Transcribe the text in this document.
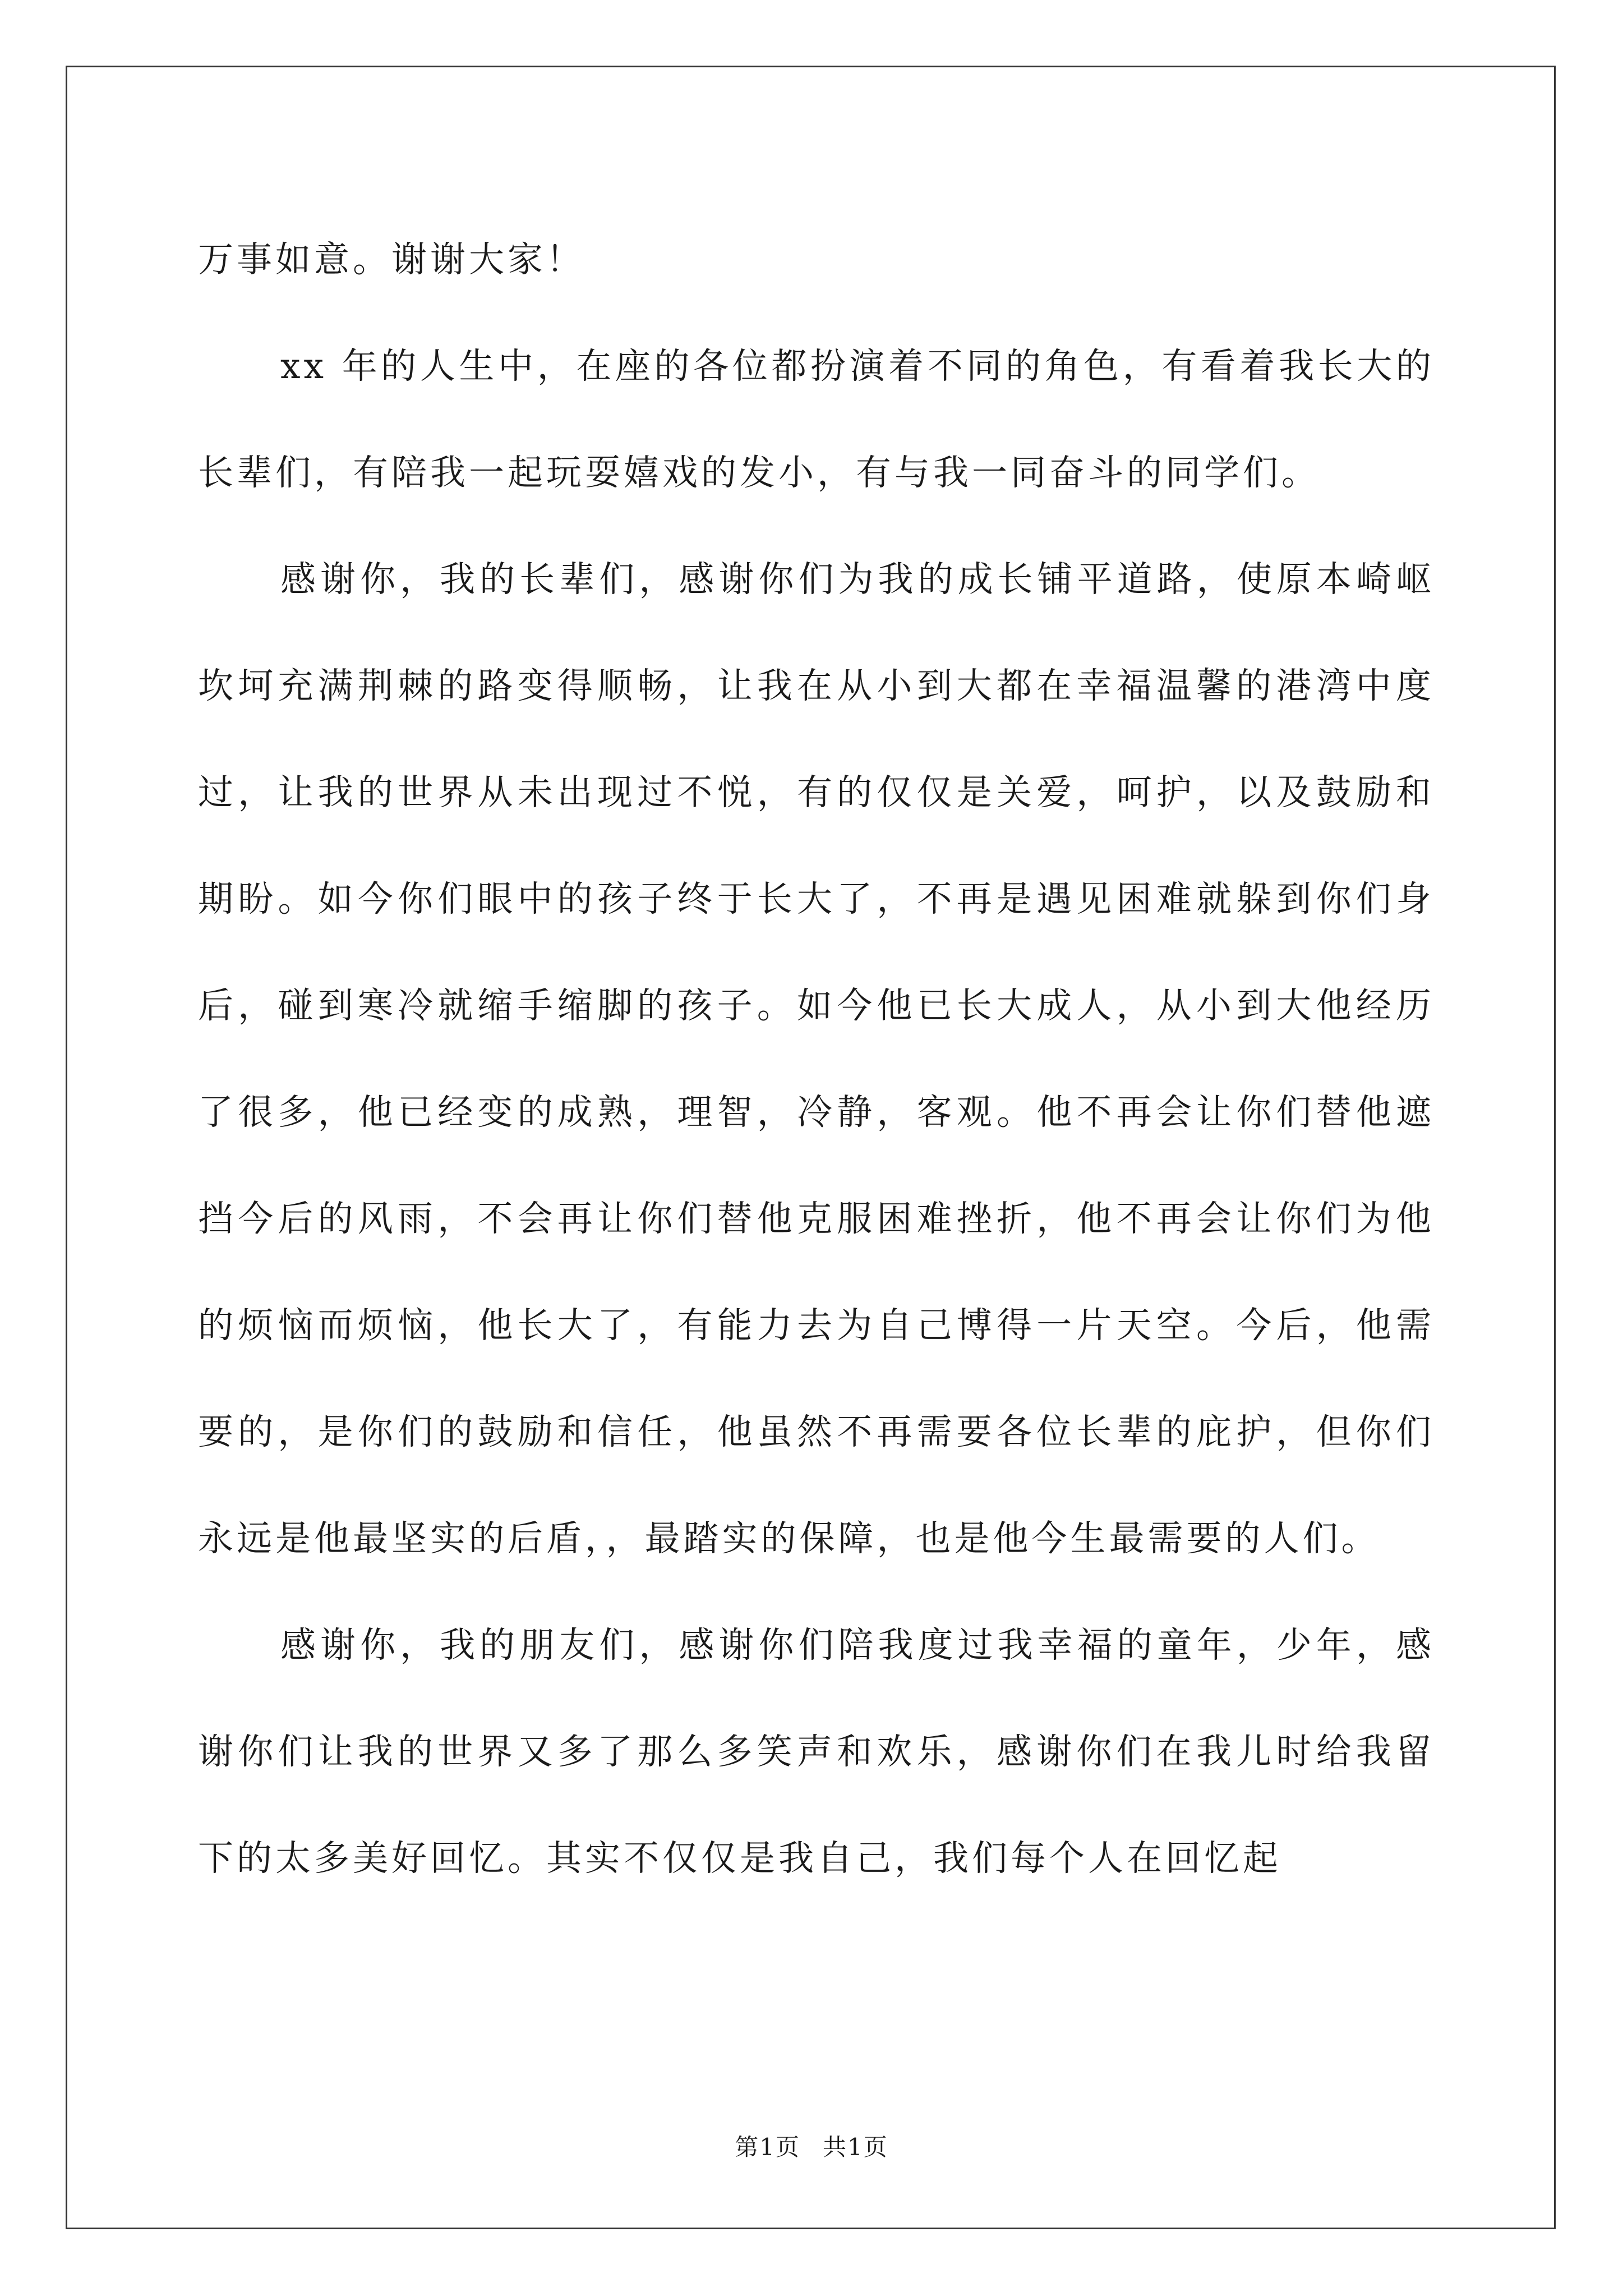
万事如意。谢谢大家！

xx 年的人生中，在座的各位都扮演着不同的角色，有看着我长大的长辈们，有陪我一起玩耍嬉戏的发小，有与我一同奋斗的同学们。

感谢你，我的长辈们，感谢你们为我的成长铺平道路，使原本崎岖坎坷充满荆棘的路变得顺畅，让我在从小到大都在幸福温馨的港湾中度过，让我的世界从未出现过不悦，有的仅仅是关爱，呵护，以及鼓励和期盼。如今你们眼中的孩子终于长大了，不再是遇见困难就躲到你们身后，碰到寒冷就缩手缩脚的孩子。如今他已长大成人，从小到大他经历了很多，他已经变的成熟，理智，冷静，客观。他不再会让你们替他遮挡今后的风雨，不会再让你们替他克服困难挫折，他不再会让你们为他的烦恼而烦恼，他长大了，有能力去为自己博得一片天空。今后，他需要的，是你们的鼓励和信任，他虽然不再需要各位长辈的庇护，但你们永远是他最坚实的后盾，，最踏实的保障，也是他今生最需要的人们。

感谢你，我的朋友们，感谢你们陪我度过我幸福的童年，少年，感谢你们让我的世界又多了那么多笑声和欢乐，感谢你们在我儿时给我留下的太多美好回忆。其实不仅仅是我自己，我们每个人在回忆起

第1页 共1页
